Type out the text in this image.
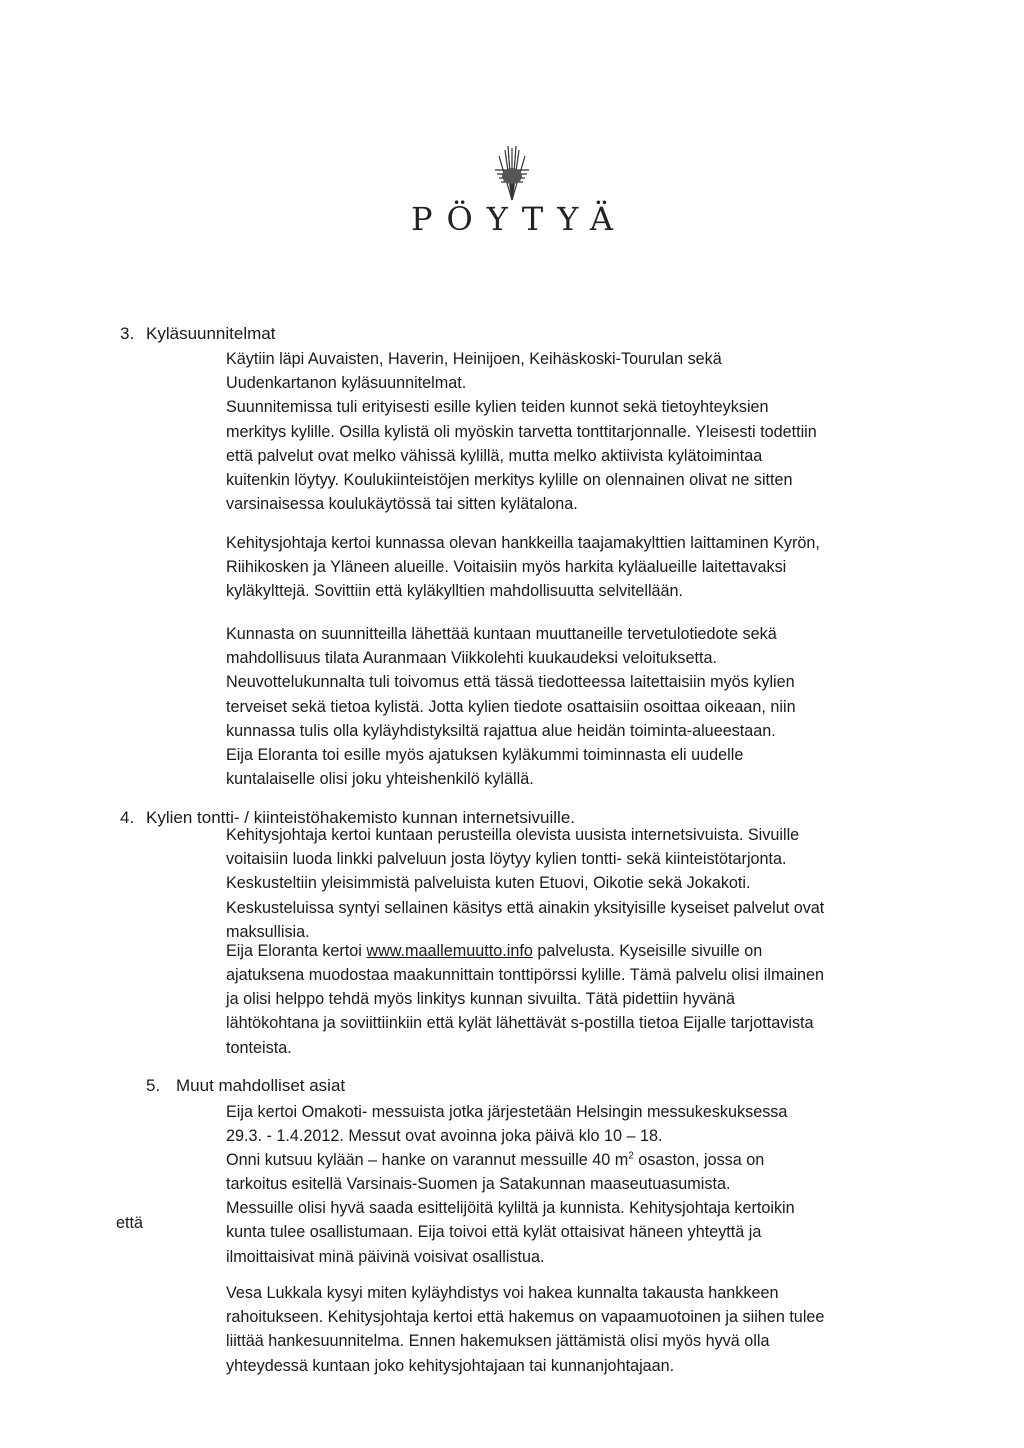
PÖYTYÄ
3. Kyläsuunnitelmat
Käytiin läpi Auvaisten, Haverin, Heinijoen, Keihäskoski-Tourulan sekä
Uudenkartanon kyläsuunnitelmat.
Suunnitemissa tuli erityisesti esille kylien teiden kunnot sekä tietoyhteyksien
merkitys kylille. Osilla kylistä oli myöskin tarvetta tonttitarjonnalle. Yleisesti todettiin
että palvelut ovat melko vähissä kylillä, mutta melko aktiivista kylätoimintaa
kuitenkin löytyy. Koulukiinteistöjen merkitys kylille on olennainen olivat ne sitten
varsinaisessa koulukäytössä tai sitten kylätalona.
Kehitysjohtaja kertoi kunnassa olevan hankkeilla taajamakylttien laittaminen Kyrön,
Riihikosken ja Yläneen alueille. Voitaisiin myös harkita kyläalueille laitettavaksi
kyläkylttejä. Sovittiin että kyläkylltien mahdollisuutta selvitellään.
Kunnasta on suunnitteilla lähettää kuntaan muuttaneille tervetulotiedote sekä
mahdollisuus tilata Auranmaan Viikkolehti kuukaudeksi veloituksetta.
Neuvottelukunnalta tuli toivomus että tässä tiedotteessa laitettaisiin myös kylien
terveiset sekä tietoa kylistä. Jotta kylien tiedote osattaisiin osoittaa oikeaan, niin
kunnassa tulis olla kyläyhdistyksiltä rajattua alue heidän toiminta-alueestaan.
Eija Eloranta toi esille myös ajatuksen kyläkummi toiminnasta eli uudelle
kuntalaiselle olisi joku yhteishenkilö kylällä.
4. Kylien tontti- / kiinteistöhakemisto kunnan internetsivuille.
Kehitysjohtaja kertoi kuntaan perusteilla olevista uusista internetsivuista. Sivuille
voitaisiin luoda linkki palveluun josta löytyy kylien tontti- sekä kiinteistötarjonta.
Keskusteltiin yleisimmistä palveluista kuten Etuovi, Oikotie sekä Jokakoti.
Keskusteluissa syntyi sellainen käsitys että ainakin yksityisille kyseiset palvelut ovat
maksullisia.
Eija Eloranta kertoi www.maallemuutto.info palvelusta. Kyseisille sivuille on
ajatuksena muodostaa maakunnittain tonttipörssi kylille. Tämä palvelu olisi ilmainen
ja olisi helppo tehdä myös linkitys kunnan sivuilta. Tätä pidettiin hyvänä
lähtökohtana ja soviittiinkiin että kylät lähettävät s-postilla tietoa Eijalle tarjottavista
tonteista.
5. Muut mahdolliset asiat
Eija kertoi Omakoti- messuista jotka järjestetään Helsingin messukeskuksessa
29.3. - 1.4.2012. Messut ovat avoinna joka päivä klo 10 – 18.
Onni kutsuu kylään – hanke on varannut messuille 40 $m^2$ osaston, jossa on
tarkoitus esitellä Varsinais-Suomen ja Satakunnan maaseutuasumista.
Messuille olisi hyvä saada esittelijöitä kyliltä ja kunnista. Kehitysjohtaja kertoikin
kunta tulee osallistumaan. Eija toivoi että kylät ottaisivat häneen yhteyttä ja
ilmoittaisivat minä päivinä voisivat osallistua.
että
Vesa Lukkala kysyi miten kyläyhdistys voi hakea kunnalta takausta hankkeen
rahoitukseen. Kehitysjohtaja kertoi että hakemus on vapaamuotoinen ja siihen tulee
liittää hankesuunnitelma. Ennen hakemuksen jättämistä olisi myös hyvä olla
yhteydessä kuntaan joko kehitysjohtajaan tai kunnanjohtajaan.
